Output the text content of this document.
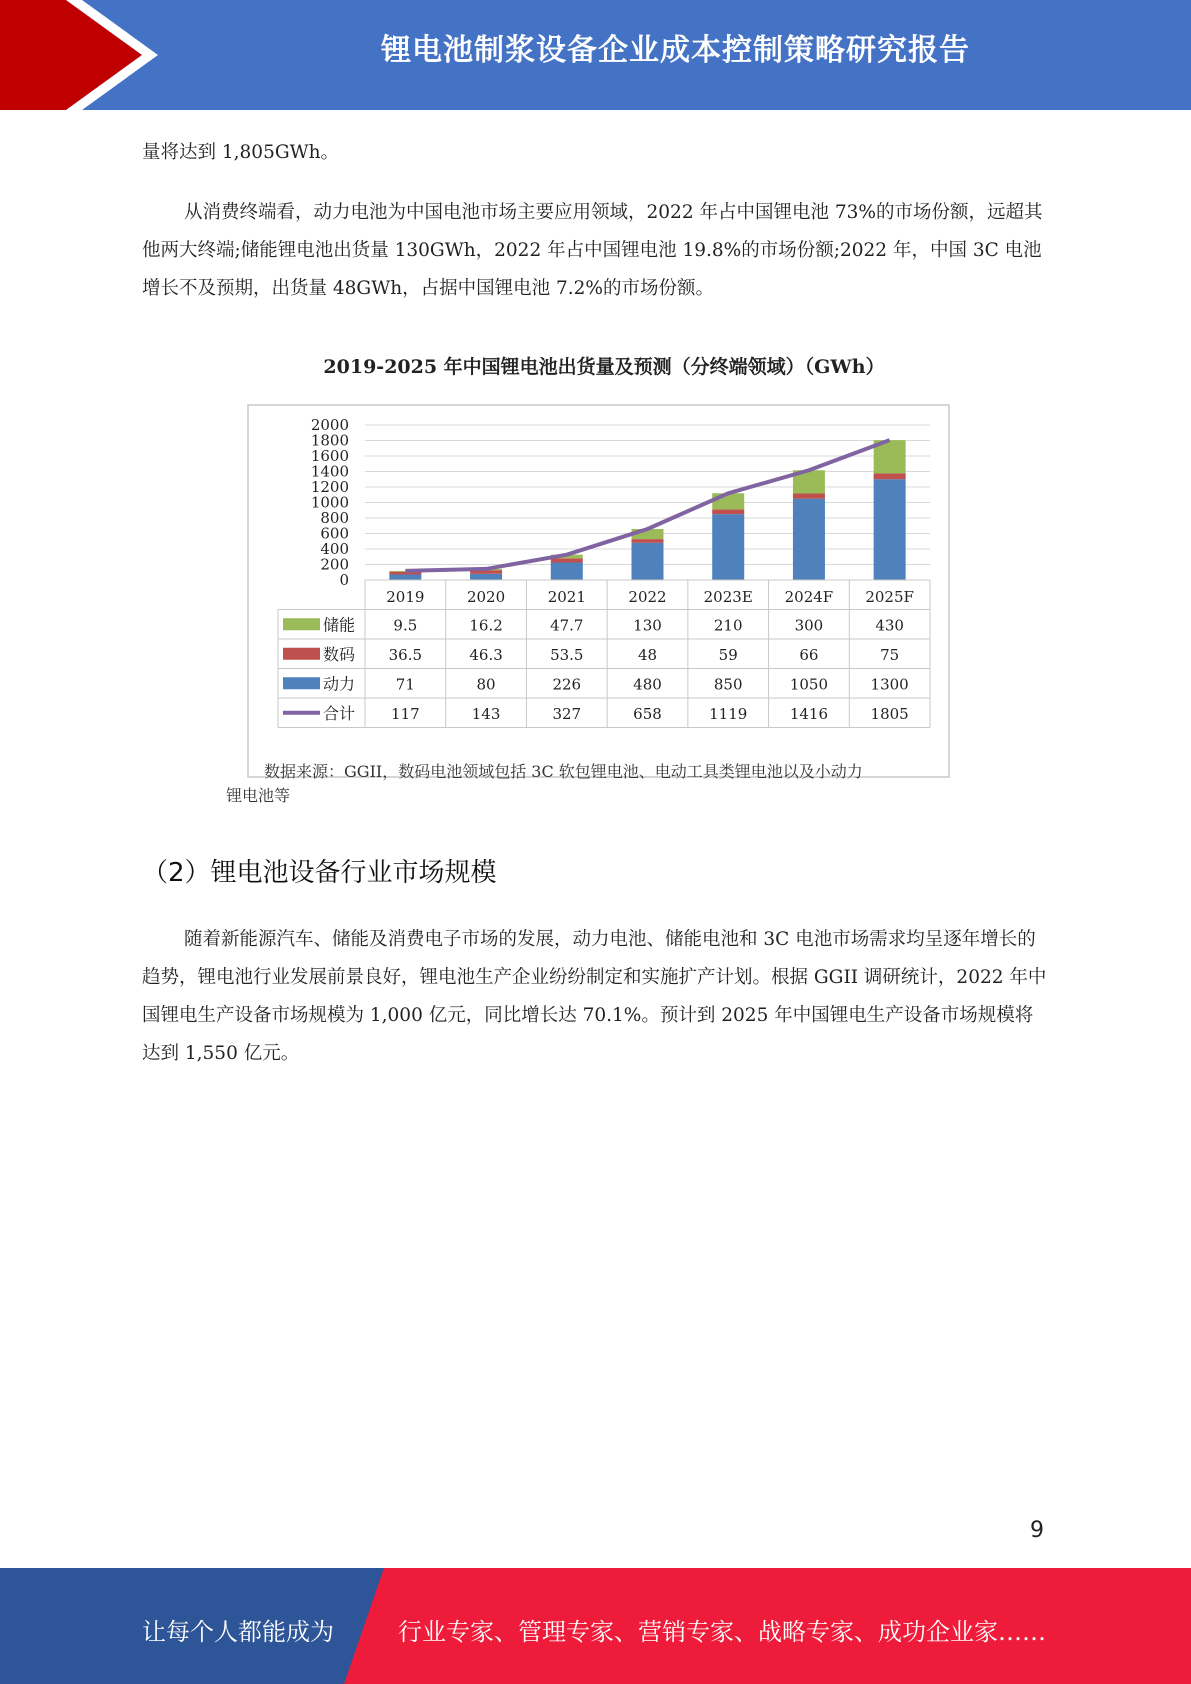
锂电池制浆设备企业成本控制策略研究报告

量将达到 1,805GWh。

从消费终端看，动力电池为中国电池市场主要应用领域，2022 年占中国锂电池 73%的市场份额，远超其他两大终端;储能锂电池出货量 130GWh，2022 年占中国锂电池 19.8%的市场份额;2022 年，中国 3C 电池增长不及预期，出货量 48GWh，占据中国锂电池 7.2%的市场份额。

2019-2025 年中国锂电池出货量及预测（分终端领域）（GWh）
2000
1800
1600
1400
1200
1000
800
600
400
200
0
2019	2020	2021	2022 2023E 2024F 2025F
储能	9.5	16.2	47.7	130	210	300	430
数码 36.5	46.3	53.5	48	59	66	75
动力	71	80	226	480	850	1050	1300
合计 117	143	327	658	1119	1416	1805
数据来源：GGII，数码电池领域包括 3C 软包锂电池、电动工具类锂电池以及小动力
锂电池等
（2）锂电池设备行业市场规模

随着新能源汽车、储能及消费电子市场的发展，动力电池、储能电池和 3C 电池市场需求均呈逐年增长的趋势，锂电池行业发展前景良好，锂电池生产企业纷纷制定和实施扩产计划。根据 GGII 调研统计，2022 年中国锂电生产设备市场规模为 1,000 亿元，同比增长达 70.1%。预计到 2025 年中国锂电生产设备市场规模将达到 1,550 亿元。

9
让每个人都能成为	行业专家、管理专家、营销专家、战略专家、成功企业家……
